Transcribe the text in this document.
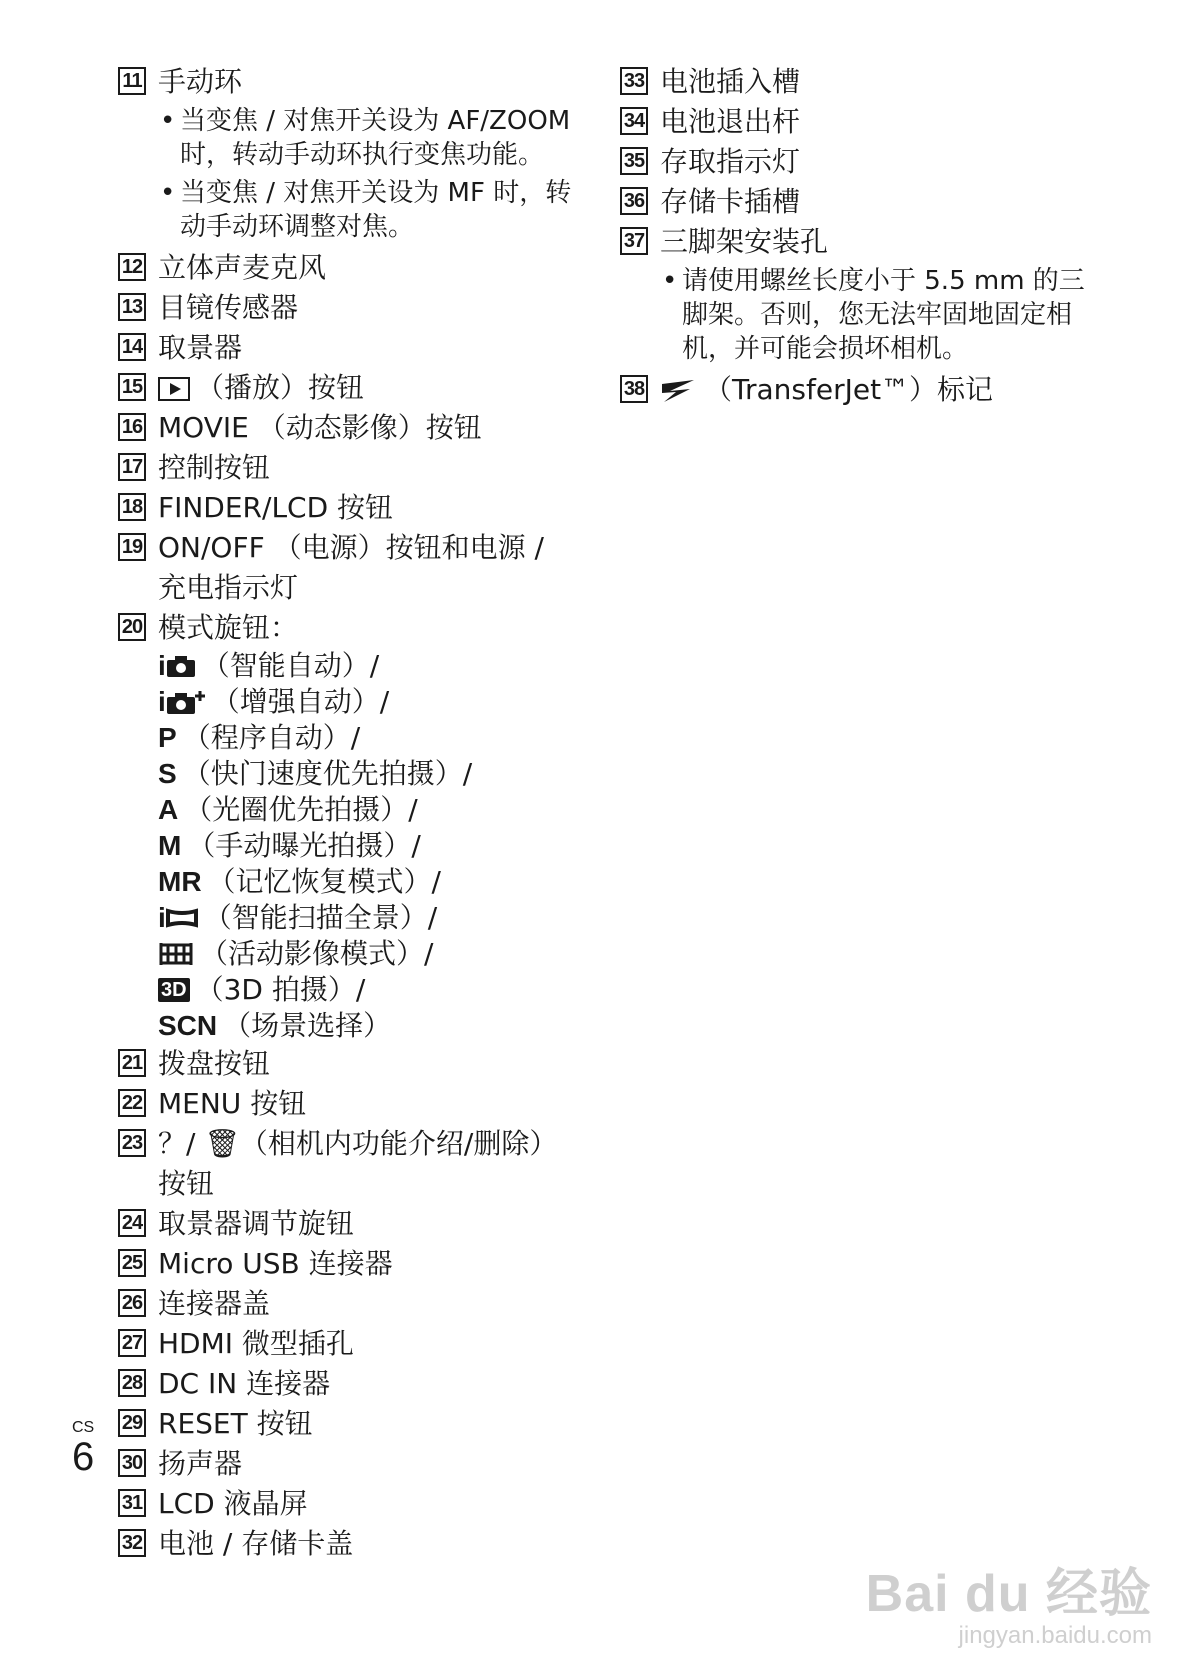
11 手动环
• 当变焦 / 对焦开关设为 AF/ZOOM 时，转动手动环执行变焦功能。
• 当变焦 / 对焦开关设为 MF 时，转动手动环调整对焦。
12 立体声麦克风
13 目镜传感器
14 取景器
15	（播放）按钮
16 MOVIE （动态影像）按钮
17 控制按钮
18 FINDER/LCD 按钮
19 ON/OFF （电源）按钮和电源 / 充电指示灯
20 模式旋钮：
i （智能自动）/
i （增强自动）/
P （程序自动）/
S （快门速度优先拍摄）/
A （光圈优先拍摄）/
M （手动曝光拍摄）/
MR （记忆恢复模式）/
i （智能扫描全景）/
（活动影像模式）/
3D （3D 拍摄）/
SCN （场景选择）
21 拨盘按钮
22 MENU 按钮
23 ？/ 🗑（相机内功能介绍/删除）按钮
24 取景器调节旋钮
25 Micro USB 连接器
26 连接器盖
27 HDMI 微型插孔
28 DC IN 连接器
29 RESET 按钮
30 扬声器
31 LCD 液晶屏
32 电池 / 存储卡盖
33 电池插入槽
34 电池退出杆
35 存取指示灯
36 存储卡插槽
37 三脚架安装孔
• 请使用螺丝长度小于 5.5 mm 的三脚架。否则，您无法牢固地固定相机，并可能会损坏相机。
38	（TransferJet™）标记
CS
6
Bai du 经验
jingyan.baidu.com
